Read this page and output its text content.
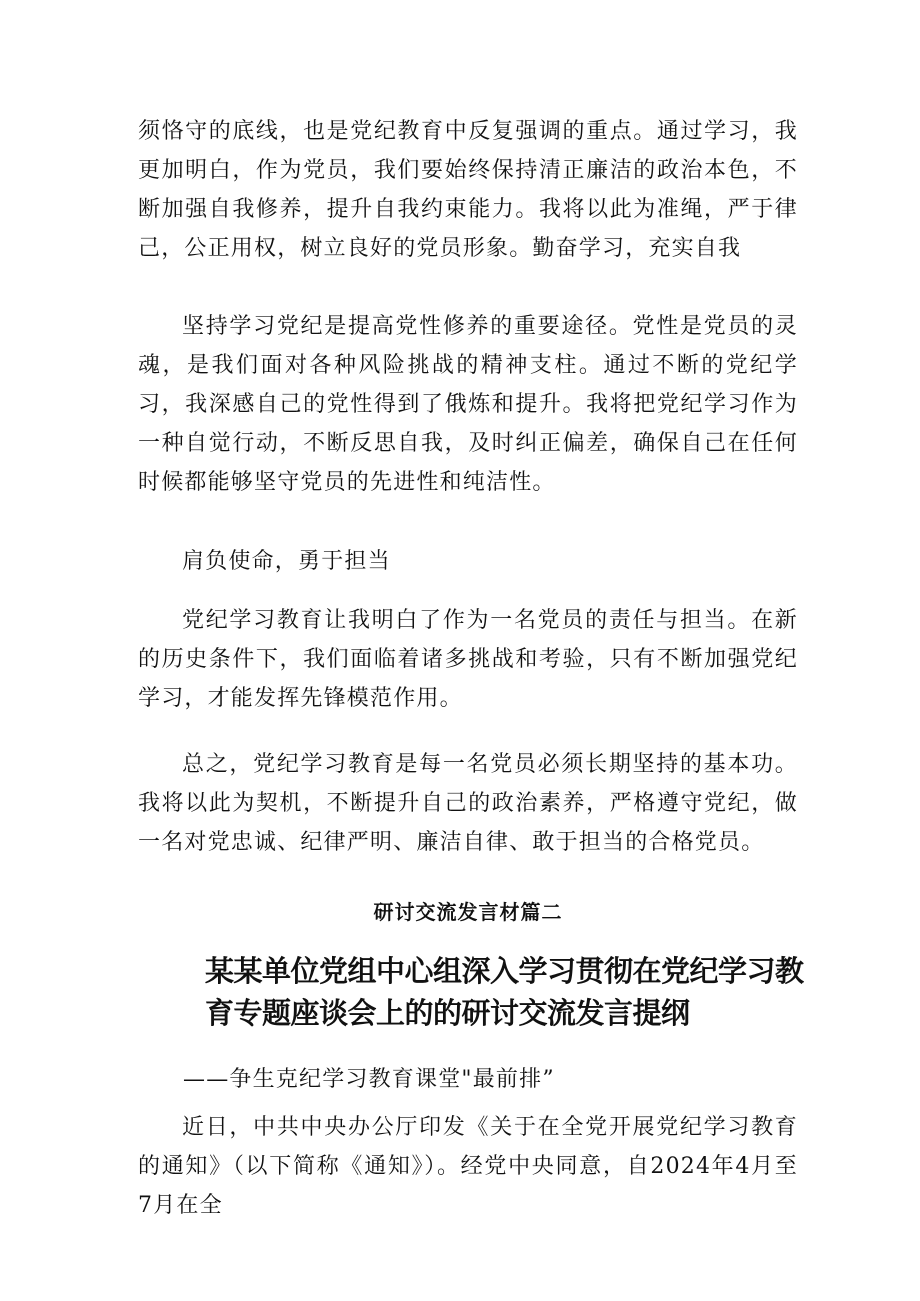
须恪守的底线，也是党纪教育中反复强调的重点。通过学习，我更加明白，作为党员，我们要始终保持清正廉洁的政治本色，不断加强自我修养，提升自我约束能力。我将以此为准绳，严于律己，公正用权，树立良好的党员形象。勤奋学习，充实自我

坚持学习党纪是提高党性修养的重要途径。党性是党员的灵魂，是我们面对各种风险挑战的精神支柱。通过不断的党纪学习，我深感自己的党性得到了俄炼和提升。我将把党纪学习作为一种自觉行动，不断反思自我，及时纠正偏差，确保自己在任何时候都能够坚守党员的先进性和纯洁性。

肩负使命，勇于担当

党纪学习教育让我明白了作为一名党员的责任与担当。在新的历史条件下，我们面临着诸多挑战和考验，只有不断加强党纪学习，才能发挥先锋模范作用。

总之，党纪学习教育是每一名党员必须长期坚持的基本功。我将以此为契机，不断提升自己的政治素养，严格遵守党纪，做一名对党忠诚、纪律严明、廉洁自律、敢于担当的合格党员。

研讨交流发言材篇二

某某单位党组中心组深入学习贯彻在党纪学习教育专题座谈会上的的研讨交流发言提纲

——争生克纪学习教育课堂"最前排”

近日，中共中央办公厅印发《关于在全党开展党纪学习教育的通知》（以下简称《通知》）。经党中央同意，自2024年4月至7月在全
